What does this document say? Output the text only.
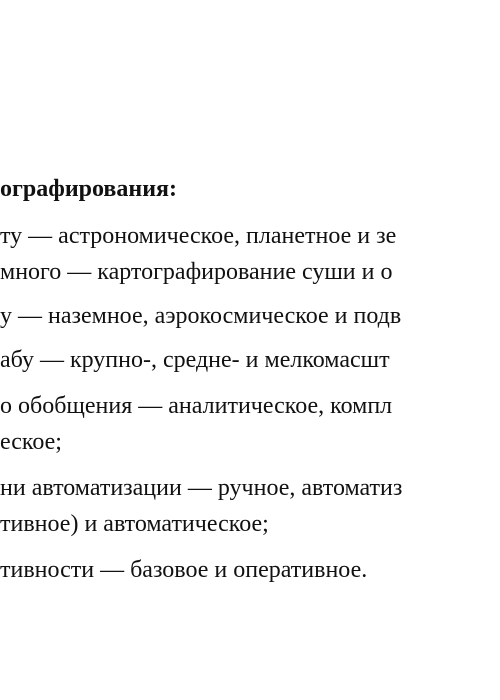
ографирования:
ту — астрономическое, планетное и зе
много — картографирование суши и о
у — наземное, аэрокосмическое и подв
абу — крупно-, средне- и мелкомасшт
о обобщения — аналитическое, компл
еское;
ни автоматизации — ручное, автоматиз
тивное) и автоматическое;
тивности — базовое и оперативное.
